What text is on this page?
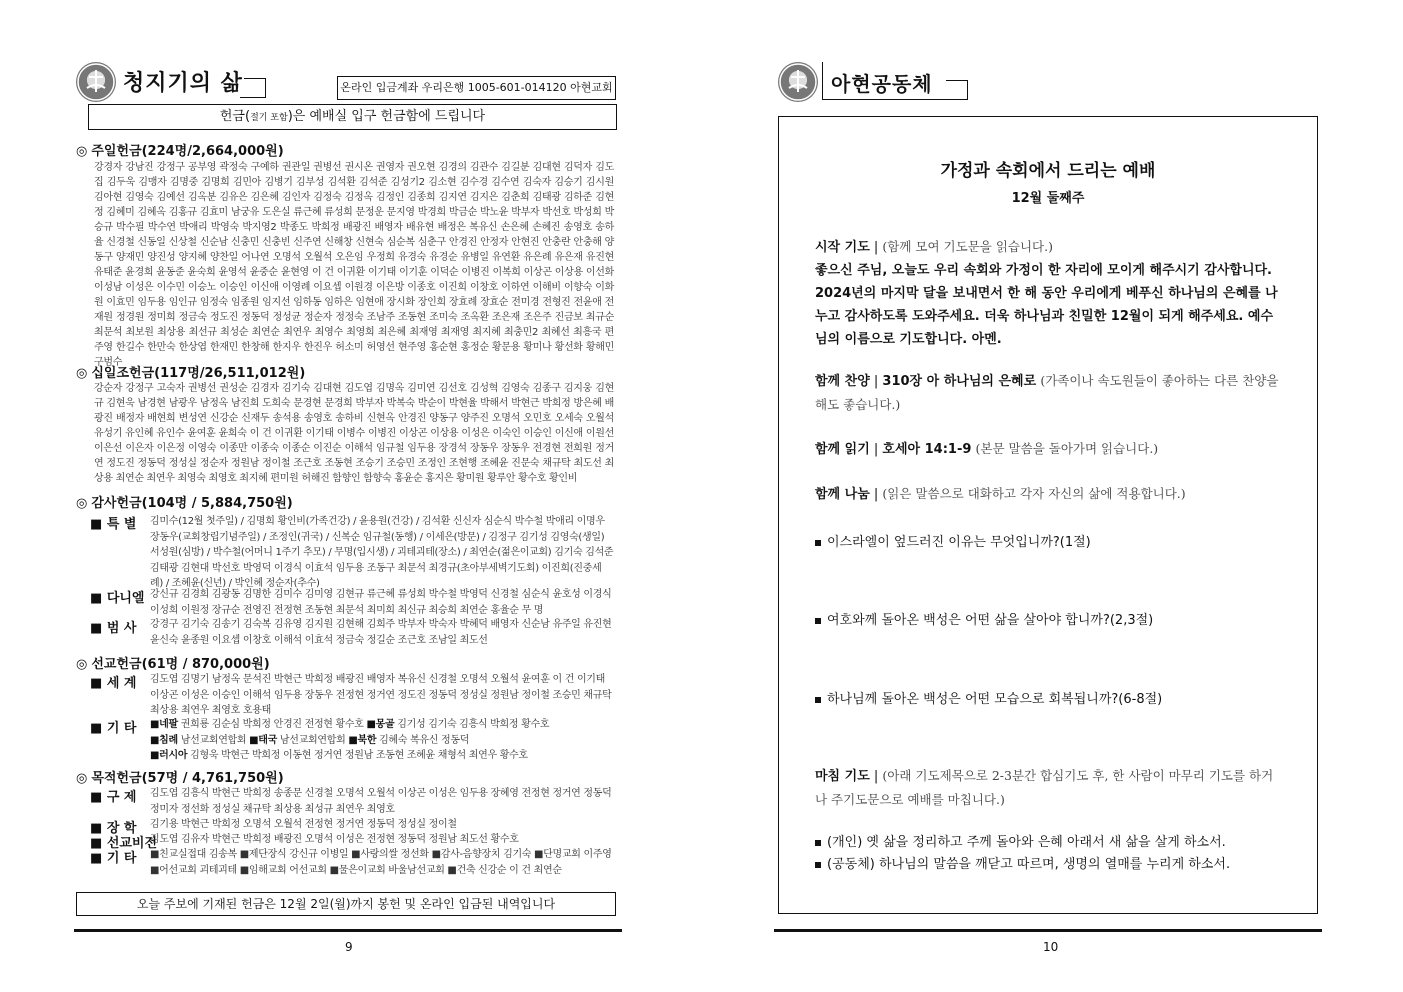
청지기의 삶	온라인 입금계좌 우리은행 1005-601-014120 아현교회
헌금(절기 포함)은 예배실 입구 헌금함에 드립니다
◎ 주일헌금(224명/2,664,000원)
강경자 강남진 강정구 공부영 곽정숙 구예하 권관일 권병선 권시온 권영자 권오현 김경의 김관수 김길분 김대현 김덕자 김도집 김두욱 김맹자 김명중 김명희 김민아 김병기 김부성 김석환 김석준 김성기2 김소현 김수경 김수연 김숙자 김승기 김시원 김아현 김영숙 김예선 김옥분 김유은 김은혜 김인자 김정숙 김정옥 김정인 김종희 김지연 김지은 김춘희 김태광 김하준 김현정 김혜미 김혜옥 김홍규 김효미 남궁유 도은실 류근혜 류성희 문정운 문지영 박경희 박금순 박노윤 박부자 박선호 박성희 박승규 박수필 박수연 박애리 박영숙 박지영2 박종도 박희정 배광진 배영자 배유현 배정은 복유신 손은혜 손혜진 송영호 송하율 신경철 신동일 신상철 신순남 신충민 신충빈 신주연 신해창 신현숙 심순복 심춘구 안경진 안정자 안현진 안충란 안충해 양동구 양재민 양진성 양지혜 양찬일 어나연 오명석 오월석 오은임 우정희 유경숙 유경순 유병일 유연환 유은례 유은재 유진현 유태준 윤경희 윤동준 윤숙희 윤영석 윤중순 윤현영 이 건 이귀환 이기태 이기훈 이덕순 이병진 이복희 이상곤 이상용 이선화 이성남 이성은 이수민 이승노 이승인 이신애 이영례 이요셉 이원경 이은방 이종호 이진희 이창호 이하연 이해비 이향숙 이화원 이효민 임두용 임인규 임정숙 임종원 임지선 임하동 임하은 임현애 장시화 장인희 장효례 장효순 전미경 전형진 전윤애 전재원 정경원 정미희 정금숙 정도진 정동덕 정성균 정순자 정정숙 조남주 조동현 조미숙 조옥환 조은재 조은주 진금보 최규순 최문석 최보원 최상용 최선규 최성순 최연순 최연우 최영수 최영희 최은혜 최재영 최재영 최지혜 최충민2 최혜선 최흥국 편주영 한길수 한만숙 한상엽 한재민 한창해 한지우 한진우 허소미 허영선 현주영 홍순현 홍정순 황문용 황미나 황선화 황해민 구범수
◎ 십일조헌금(117명/26,511,012원)
강순자 강정구 고숙자 권병선 권성순 김경자 김기숙 김대현 김도엽 김명옥 김미연 김선호 김성혁 김영숙 김종구 김지웅 김현규 김현욱 남경현 남광우 남정옥 남진희 도희숙 문경현 문경희 박부자 박복숙 박순이 박현율 박해서 박현근 박희정 방은혜 배광진 배정자 배현희 변성연 신강순 신재두 송석용 송영호 송하비 신현옥 안경진 양동구 양주진 오명석 오민호 오세숙 오월석 유성기 유인혜 유인수 윤여훈 윤희숙 이 건 이귀환 이기태 이병수 이병진 이상곤 이상용 이성은 이숙인 이승인 이신애 이원선 이은선 이은자 이은정 이영숙 이종만 이종숙 이종순 이진순 이해석 임규철 임두용 장경석 장동우 장동우 전경현 전희원 정거연 정도진 정동덕 정성실 정순자 정원남 정이철 조근호 조동현 조승기 조승민 조정인 조현행 조혜윤 진문숙 채규탁 최도선 최상용 최연순 최연우 최영숙 최영호 최지혜 편미원 허해진 함향인 함향숙 홍윤순 홍지은 황미원 황루안 황수호 황인비
◎ 감사헌금(104명 / 5,884,750원)
■ 특 별 김미수(12월 첫주일) / 김명희 황인비(가족건강) / 윤용원(건강) / 김석환 신신자 심순식 박수철 박애리 이명우 장동우(교회창립기념주일) / 조정인(귀국) / 신복순 임규철(동행) / 이세은(방문) / 김정구 김기성 김영숙(생일) 서성원(심방) / 박수철(어머니 1주기 추모) / 무명(입시생) / 괴테괴테(장소) / 최연순(젊은이교회) 김기숙 김석준 김태광 김현대 박선호 박영덕 이경식 이효석 임두용 조동구 최문석 최경규(초아부세벽기도회) 이진희(진중세례) / 조혜윤(신년) / 박인혜 정순자(추수)
■ 다니엘 강신규 김경희 김광동 김명한 김미수 김미영 김현규 류근혜 류성희 박수철 박영덕 신경철 심순식 윤호성 이경식 이성희 이원정 장규순 전영진 전정현 조동현 최문석 최미희 최신규 최승희 최연순 홍율순 무 명
■ 범 사 강경구 김기숙 김송기 김숙복 김유영 김지원 김현해 김희주 박부자 박숙자 박혜덕 배영자 신순남 유주일 유진현 윤신숙 윤종원 이요셉 이창호 이해석 이효석 정금숙 정길순 조근호 조남일 최도선
◎ 선교헌금(61명 / 870,000원)
■ 세 계 김도엽 김명기 남정옥 문석진 박현근 박희정 배광진 배영자 복유신 신경철 오명석 오월석 윤여훈 이 건 이기태 이상곤 이성은 이승인 이해석 임두용 장동우 전정현 정거연 정도진 정동덕 정성실 정원남 정이철 조승민 채규탁 최상용 최연우 최영호 호용태
■ 기 타 ■네팔 권희룡 김순심 박희정 안경진 전정현 황수호 ■몽골 김기성 김기숙 김흥식 박희정 황수호
■침례 남선교회연합회 ■태국 남선교회연합회 ■북한 김혜숙 복유신 정동덕
■러시아 김형욱 박현근 박희정 이동현 정거연 정원남 조동현 조혜윤 채형석 최연우 황수호
◎ 목적헌금(57명 / 4,761,750원)
■ 구 제 김도엽 김흥식 박현근 박희정 송종문 신경철 오명석 오월석 이상곤 이성은 임두용 장혜영 전정현 정거연 정동덕 정미자 정선화 정성실 채규탁 최상용 최성규 최연우 최영호
■ 장 학 김기용 박현근 박희정 오명석 오월석 전정현 정거연 정동덕 정성실 정이철
■ 선교비전
김도엽 김유자 박현근 박희정 배광진 오명석 이성은 전정현 정동덕 정원남 최도선 황수호
■ 기 타 ■친교실접대 김송복 ■제단장식 강신규 이병일 ■사랑의쌀 정선화 ■감사-음향장치 김기숙 ■단명교회 이주영
■어선교회 괴테괴테 ■임해교회 어선교회 ■물은이교회 바울남선교회 ■건축 신강순 이 건 최연순
오늘 주보에 기재된 헌금은 12월 2일(월)까지 봉헌 및 온라인 입금된 내역입니다
9
아현공동체
가정과 속회에서 드리는 예배
12월 둘째주
시작 기도 | (함께 모여 기도문을 읽습니다.)
좋으신 주님, 오늘도 우리 속회와 가정이 한 자리에 모이게 해주시기 감사합니다. 2024년의 마지막 달을 보내면서 한 해 동안 우리에게 베푸신 하나님의 은혜를 나누고 감사하도록 도와주세요. 더욱 하나님과 친밀한 12월이 되게 해주세요. 예수님의 이름으로 기도합니다. 아멘.
함께 찬양 | 310장 아 하나님의 은혜로 (가족이나 속도원들이 좋아하는 다른 찬양을 해도 좋습니다.)
함께 읽기 | 호세아 14:1-9 (본문 말씀을 돌아가며 읽습니다.)
함께 나눔 | (읽은 말씀으로 대화하고 각자 자신의 삶에 적용합니다.)
이스라엘이 엎드러진 이유는 무엇입니까?(1절)
여호와께 돌아온 백성은 어떤 삶을 살아야 합니까?(2,3절)
하나님께 돌아온 백성은 어떤 모습으로 회복됩니까?(6-8절)
마침 기도 | (아래 기도제목으로 2-3분간 합심기도 후, 한 사람이 마무리 기도를 하거나 주기도문으로 예배를 마칩니다.)
(개인) 옛 삶을 정리하고 주께 돌아와 은혜 아래서 새 삶을 살게 하소서.
(공동체) 하나님의 말씀을 깨닫고 따르며, 생명의 열매를 누리게 하소서.
10
